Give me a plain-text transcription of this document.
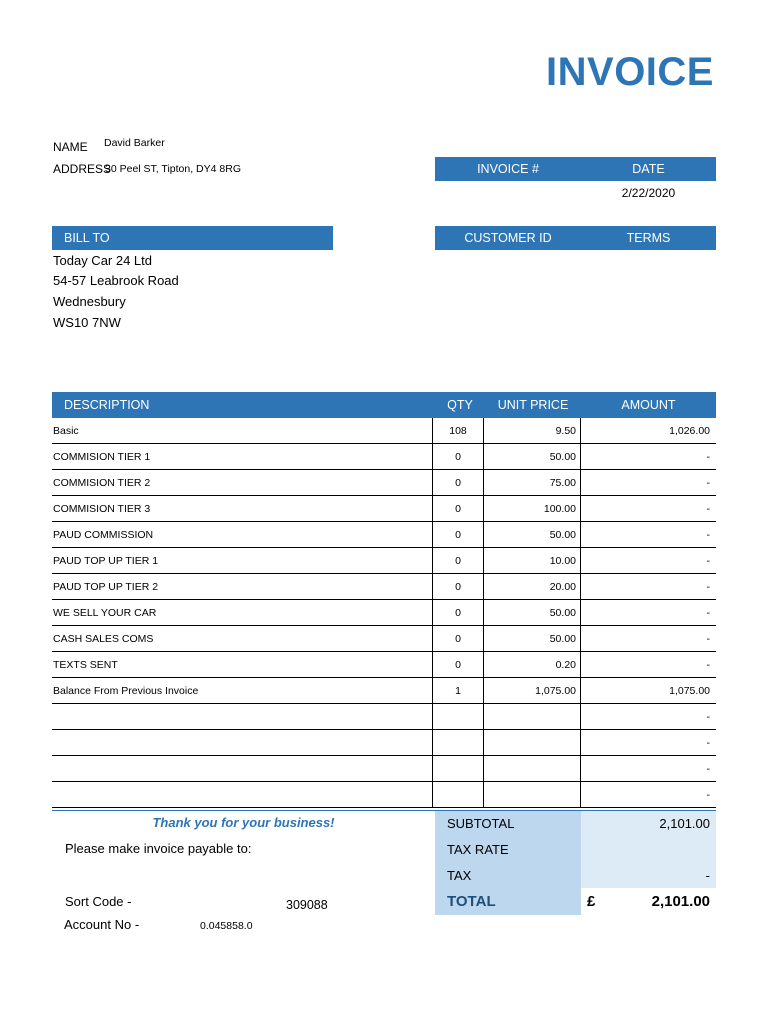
INVOICE
NAME David Barker
ADDRESS
30 Peel ST, Tipton, DY4 8RG	INVOICE #	DATE
2/22/2020
BILL TO
Today Car 24 Ltd
54-57 Leabrook Road
Wednesbury
WS10 7NW
CUSTOMER ID	TERMS
DESCRIPTION	QTY	UNIT PRICE	AMOUNT
Basic	108	9.50	1,026.00
COMMISION TIER 1	0	50.00	-
COMMISION TIER 2	0	75.00	-
COMMISION TIER 3	0	100.00	-
PAUD COMMISSION	0	50.00	-
PAUD TOP UP TIER 1	0	10.00	-
PAUD TOP UP TIER 2	0	20.00	-
WE SELL YOUR CAR	0	50.00	-
CASH SALES COMS	0	50.00	-
TEXTS SENT	0	0.20	-
Balance From Previous Invoice	1	1,075.00	1,075.00
			-
			-
			-
			-
Thank you for your business!
Please make invoice payable to:
Sort Code -	309088
Account No -	0.045858.0
SUBTOTAL	2,101.00
TAX RATE
TAX	-
TOTAL	£	2,101.00
